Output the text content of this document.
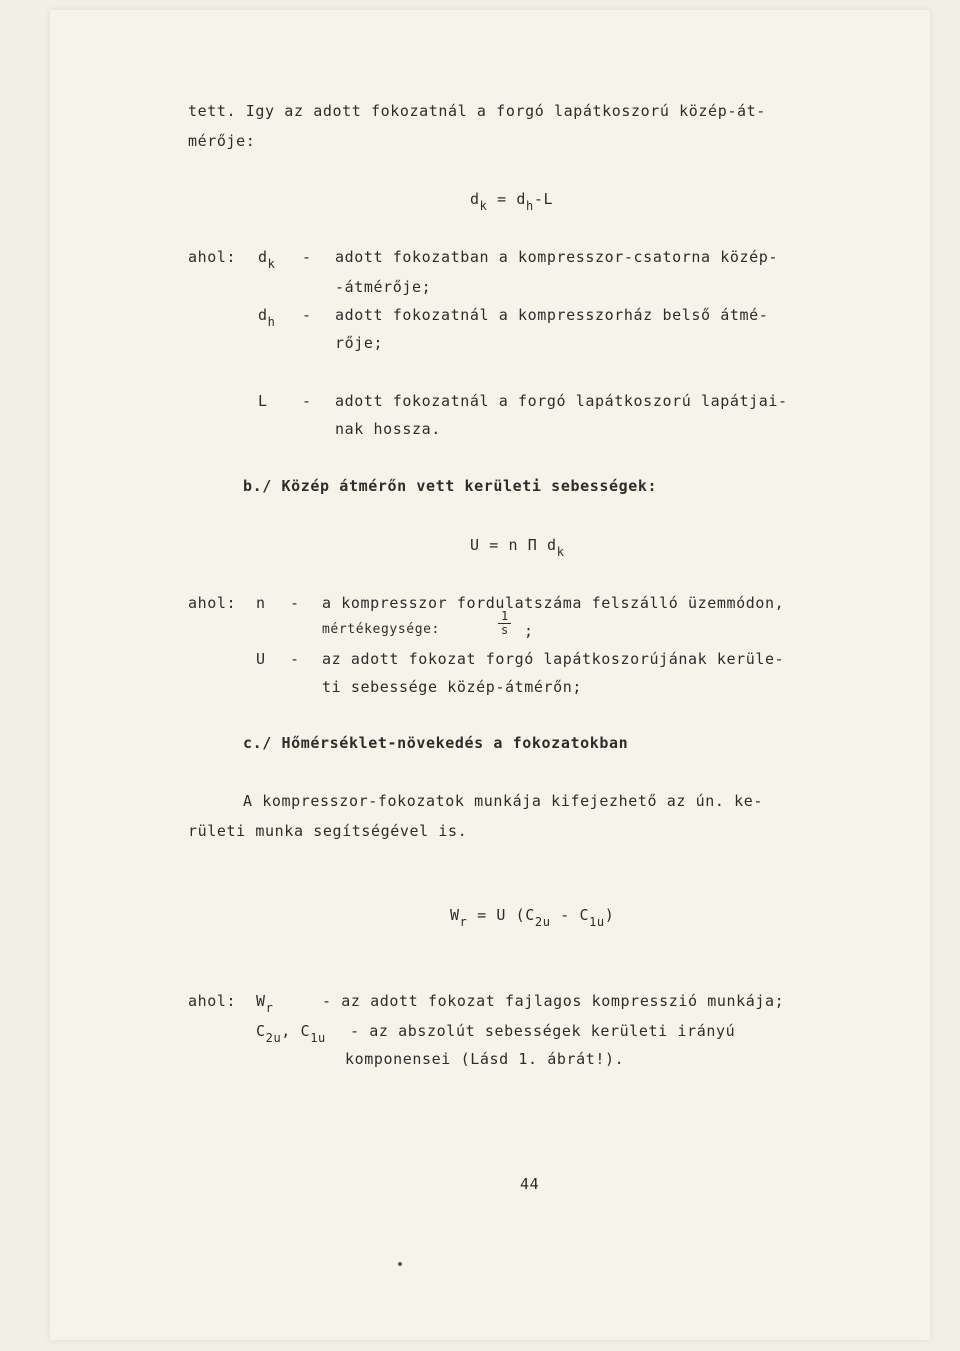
tett. Igy az adott fokozatnál a forgó lapátkoszorú közép-át-
mérője:
$d_k = d_h-L$
ahol: $d_k$ - adott fokozatban a kompresszor-csatorna közép-
-átmérője;
$d_h$ - adott fokozatnál a kompresszorház belső átmé-
rője;
L - adott fokozatnál a forgó lapátkoszorú lapátjai-
nak hossza.
b./ Közép átmérőn vett kerületi sebességek:
U = n Π $d_k$
ahol: n - a kompresszor fordulatszáma felszálló üzemmódon,
mértékegysége:	$\frac{1}{s}$ ;
U - az adott fokozat forgó lapátkoszorújának kerüle-
ti sebessége közép-átmérőn;
c./ Hőmérséklet-növekedés a fokozatokban
A kompresszor-fokozatok munkája kifejezhető az ún. ke-
rületi munka segítségével is.
$W_r = U$ $(C_{2u} - C_{1u})$
ahol: $W_r$	- az adott fokozat fajlagos kompresszió munkája;
$C_{2u}$, $C_{1u}$ - az abszolút sebességek kerületi irányú
komponensei (Lásd 1. ábrát!).
44
